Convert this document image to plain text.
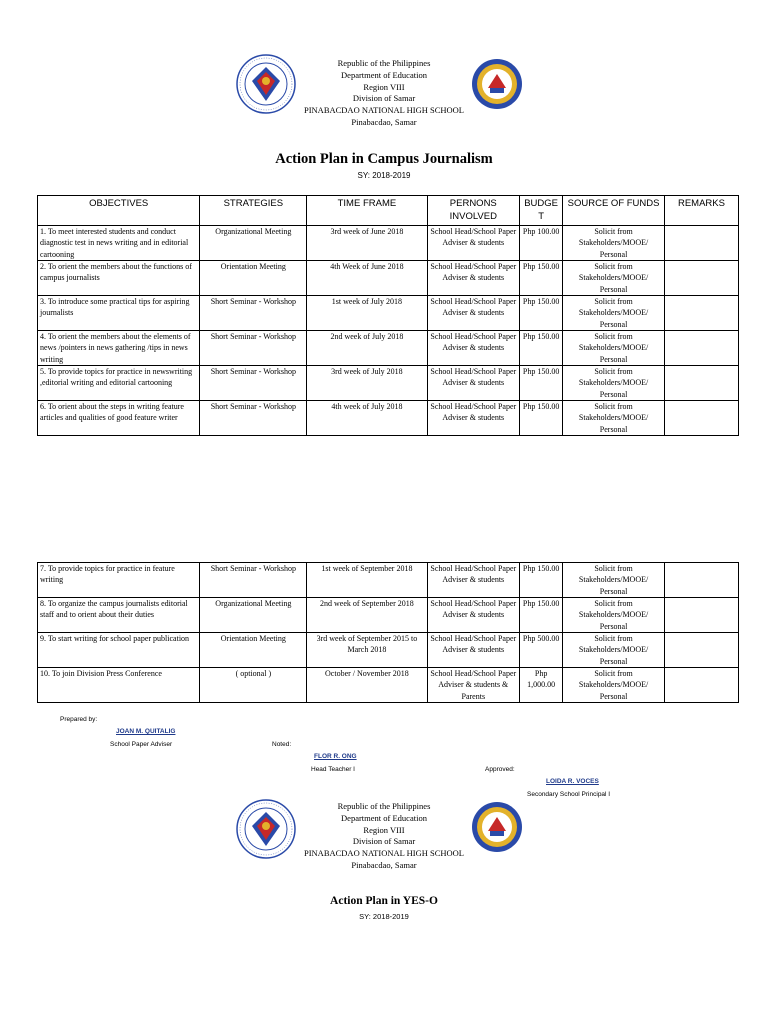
Republic of the Philippines
Department of Education
Region VIII
Division of Samar
PINABACDAO NATIONAL HIGH SCHOOL
Pinabacdao, Samar
Action Plan in Campus Journalism
SY: 2018-2019
OBJECTIVES	STRATEGIES	TIME FRAME	PERNONS INVOLVED	BUDGE T	SOURCE OF FUNDS	REMARKS
1. To meet interested students and conduct diagnostic test in news writing and in editorial cartooning	Organizational Meeting	3rd week of June 2018	School Head/School Paper Adviser & students	Php 100.00	Solicit from Stakeholders/MOOE/ Personal	
2. To orient the members about the functions of campus journalists	Orientation Meeting	4th Week of June 2018	School Head/School Paper Adviser & students	Php 150.00	Solicit from Stakeholders/MOOE/ Personal	
3. To introduce some practical tips for aspiring journalists	Short Seminar - Workshop	1st week of July 2018	School Head/School Paper Adviser & students	Php 150.00	Solicit from Stakeholders/MOOE/ Personal	
4. To orient the members about the elements of news /pointers in news gathering /tips in news writing	Short Seminar - Workshop	2nd week of July 2018	School Head/School Paper Adviser & students	Php 150.00	Solicit from Stakeholders/MOOE/ Personal	
5. To provide topics for practice in newswriting ,editorial writing and editorial cartooning	Short Seminar - Workshop	3rd week of July 2018	School Head/School Paper Adviser & students	Php 150.00	Solicit from Stakeholders/MOOE/ Personal	
6. To orient about the steps in writing feature articles and qualities of good feature writer	Short Seminar - Workshop	4th week of July 2018	School Head/School Paper Adviser & students	Php 150.00	Solicit from Stakeholders/MOOE/ Personal	
7. To provide topics for practice in feature writing	Short Seminar - Workshop	1st week of September 2018	School Head/School Paper Adviser & students	Php 150.00	Solicit from Stakeholders/MOOE/ Personal	
8. To organize the campus journalists editorial staff and to orient about their duties	Organizational Meeting	2nd week of September 2018	School Head/School Paper Adviser & students	Php 150.00	Solicit from Stakeholders/MOOE/ Personal	
9. To start writing for school paper publication	Orientation Meeting	3rd week of September 2015 to March 2018	School Head/School Paper Adviser & students	Php 500.00	Solicit from Stakeholders/MOOE/ Personal	
10. To join Division Press Conference	( optional )	October / November 2018	School Head/School Paper Adviser & students & Parents	Php 1,000.00	Solicit from Stakeholders/MOOE/ Personal	
Prepared by:
JOAN M. QUITALIG
School Paper Adviser	Noted:
FLOR R. ONG
Head Teacher I	Approved:
LOIDA R. VOCES
Secondary School Principal I
Republic of the Philippines
Department of Education
Region VIII
Division of Samar
PINABACDAO NATIONAL HIGH SCHOOL
Pinabacdao, Samar
Action Plan in YES-O
SY: 2018-2019
